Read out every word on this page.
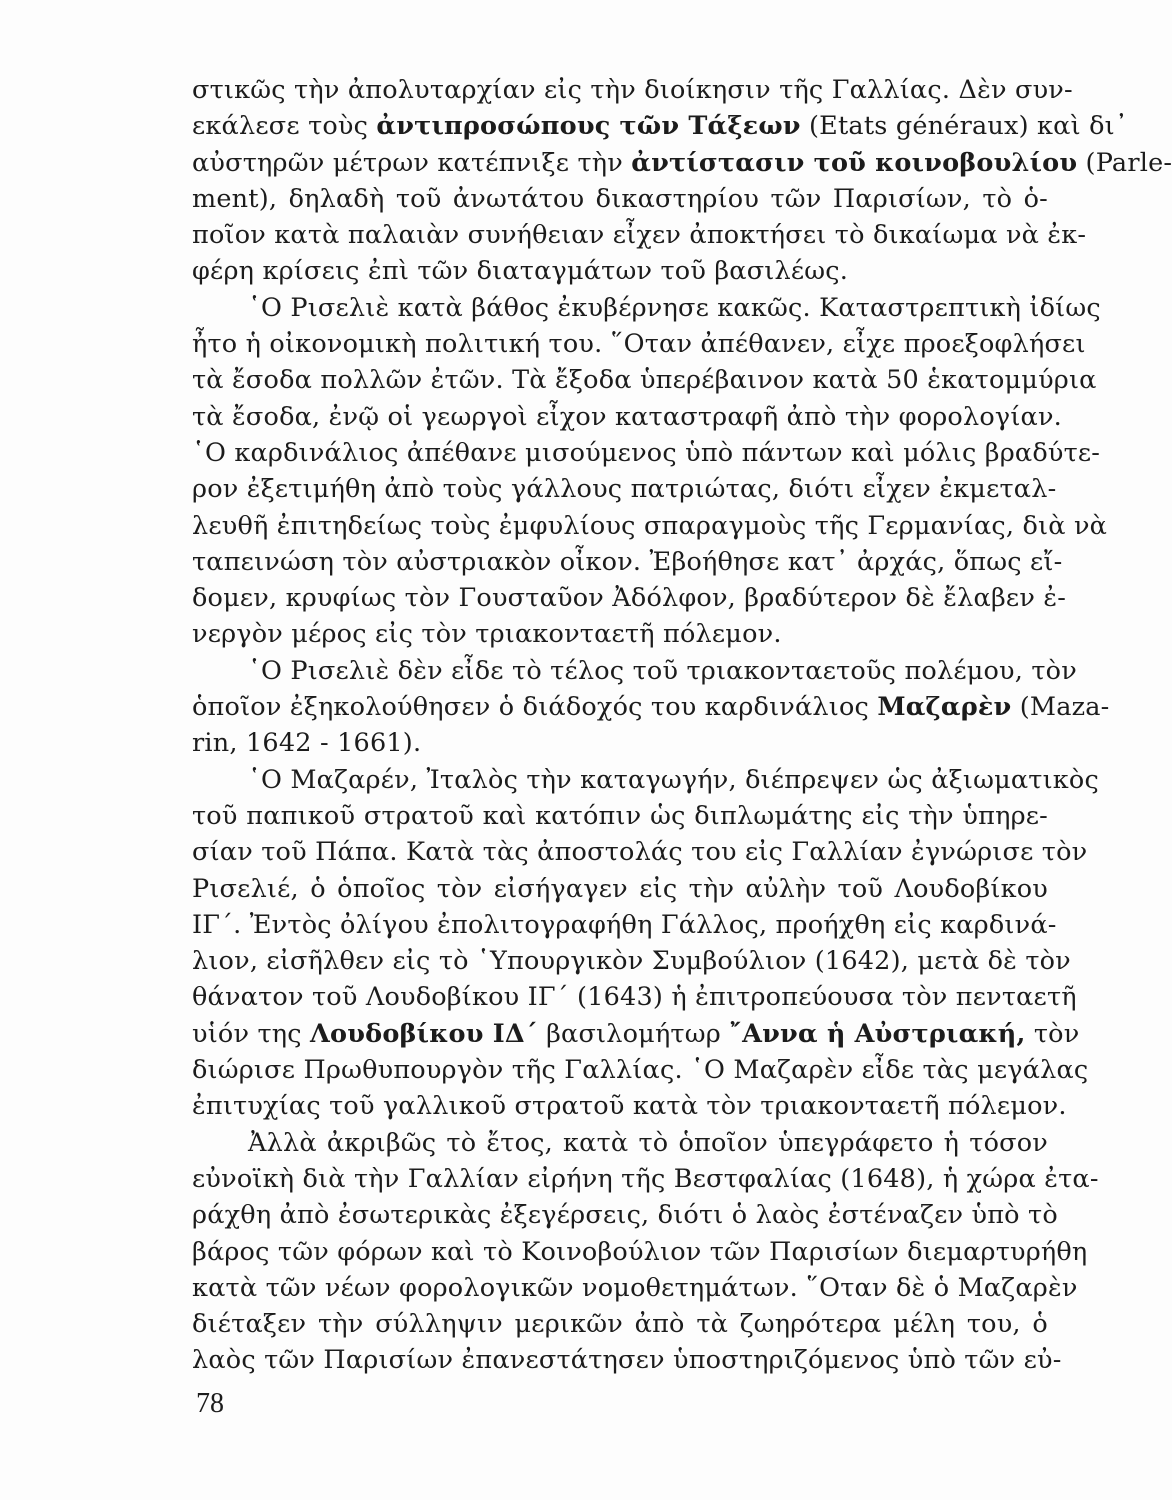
στικῶς τὴν ἀπολυταρχίαν εἰς τὴν διοίκησιν τῆς Γαλλίας. Δὲν συν-
εκάλεσε τοὺς ἀντιπροσώπους τῶν Τάξεων (Etats généraux) καὶ δι᾽
αὐστηρῶν μέτρων κατέπνιξε τὴν ἀντίστασιν τοῦ κοινοβουλίου (Parle-
ment), δηλαδὴ τοῦ ἀνωτάτου δικαστηρίου τῶν Παρισίων, τὸ ὁ-
ποῖον κατὰ παλαιὰν συνήθειαν εἶχεν ἀποκτήσει τὸ δικαίωμα νὰ ἐκ-
φέρη κρίσεις ἐπὶ τῶν διαταγμάτων τοῦ βασιλέως.
῾Ο Ρισελιὲ κατὰ βάθος ἐκυβέρνησε κακῶς. Καταστρεπτικὴ ἰδίως
ἦτο ἡ οἰκονομικὴ πολιτική του. ῞Οταν ἀπέθανεν, εἶχε προεξοφλήσει
τὰ ἔσοδα πολλῶν ἐτῶν. Τὰ ἔξοδα ὑπερέβαινον κατὰ 50 ἑκατομμύρια
τὰ ἔσοδα, ἐνῷ οἱ γεωργοὶ εἶχον καταστραφῆ ἀπὸ τὴν φορολογίαν.
῾Ο καρδινάλιος ἀπέθανε μισούμενος ὑπὸ πάντων καὶ μόλις βραδύτε-
ρον ἐξετιμήθη ἀπὸ τοὺς γάλλους πατριώτας, διότι εἶχεν ἐκμεταλ-
λευθῆ ἐπιτηδείως τοὺς ἐμφυλίους σπαραγμοὺς τῆς Γερμανίας, διὰ νὰ
ταπεινώση τὸν αὐστριακὸν οἶκον. Ἐβοήθησε κατ᾽ ἀρχάς, ὅπως εἴ-
δομεν, κρυφίως τὸν Γουσταῦον Ἀδόλφον, βραδύτερον δὲ ἔλαβεν ἐ-
νεργὸν μέρος εἰς τὸν τριακονταετῆ πόλεμον.
῾Ο Ρισελιὲ δὲν εἶδε τὸ τέλος τοῦ τριακονταετοῦς πολέμου, τὸν
ὁποῖον ἐξηκολούθησεν ὁ διάδοχός του καρδινάλιος Μαζαρὲν (Maza-
rin, 1642 - 1661).
῾Ο Μαζαρέν, Ἰταλὸς τὴν καταγωγήν, διέπρεψεν ὡς ἀξιωματικὸς
τοῦ παπικοῦ στρατοῦ καὶ κατόπιν ὡς διπλωμάτης εἰς τὴν ὑπηρε-
σίαν τοῦ Πάπα. Κατὰ τὰς ἀποστολάς του εἰς Γαλλίαν ἐγνώρισε τὸν
Ρισελιέ, ὁ ὁποῖος τὸν εἰσήγαγεν εἰς τὴν αὐλὴν τοῦ Λουδοβίκου
ΙΓ΄. Ἐντὸς ὀλίγου ἐπολιτογραφήθη Γάλλος, προήχθη εἰς καρδινά-
λιον, εἰσῆλθεν εἰς τὸ ῾Υπουργικὸν Συμβούλιον (1642), μετὰ δὲ τὸν
θάνατον τοῦ Λουδοβίκου ΙΓ΄ (1643) ἡ ἐπιτροπεύουσα τὸν πενταετῆ
υἱόν της Λουδοβίκου ΙΔ΄ βασιλομήτωρ ῎Αννα ἡ Αὐστριακή, τὸν
διώρισε Πρωθυπουργὸν τῆς Γαλλίας. ῾Ο Μαζαρὲν εἶδε τὰς μεγάλας
ἐπιτυχίας τοῦ γαλλικοῦ στρατοῦ κατὰ τὸν τριακονταετῆ πόλεμον.
Ἀλλὰ ἀκριβῶς τὸ ἔτος, κατὰ τὸ ὁποῖον ὑπεγράφετο ἡ τόσον
εὐνοϊκὴ διὰ τὴν Γαλλίαν εἰρήνη τῆς Βεστφαλίας (1648), ἡ χώρα ἐτα-
ράχθη ἀπὸ ἐσωτερικὰς ἐξεγέρσεις, διότι ὁ λαὸς ἐστέναζεν ὑπὸ τὸ
βάρος τῶν φόρων καὶ τὸ Κοινοβούλιον τῶν Παρισίων διεμαρτυρήθη
κατὰ τῶν νέων φορολογικῶν νομοθετημάτων. ῞Οταν δὲ ὁ Μαζαρὲν
διέταξεν τὴν σύλληψιν μερικῶν ἀπὸ τὰ ζωηρότερα μέλη του, ὁ
λαὸς τῶν Παρισίων ἐπανεστάτησεν ὑποστηριζόμενος ὑπὸ τῶν εὐ-
78
